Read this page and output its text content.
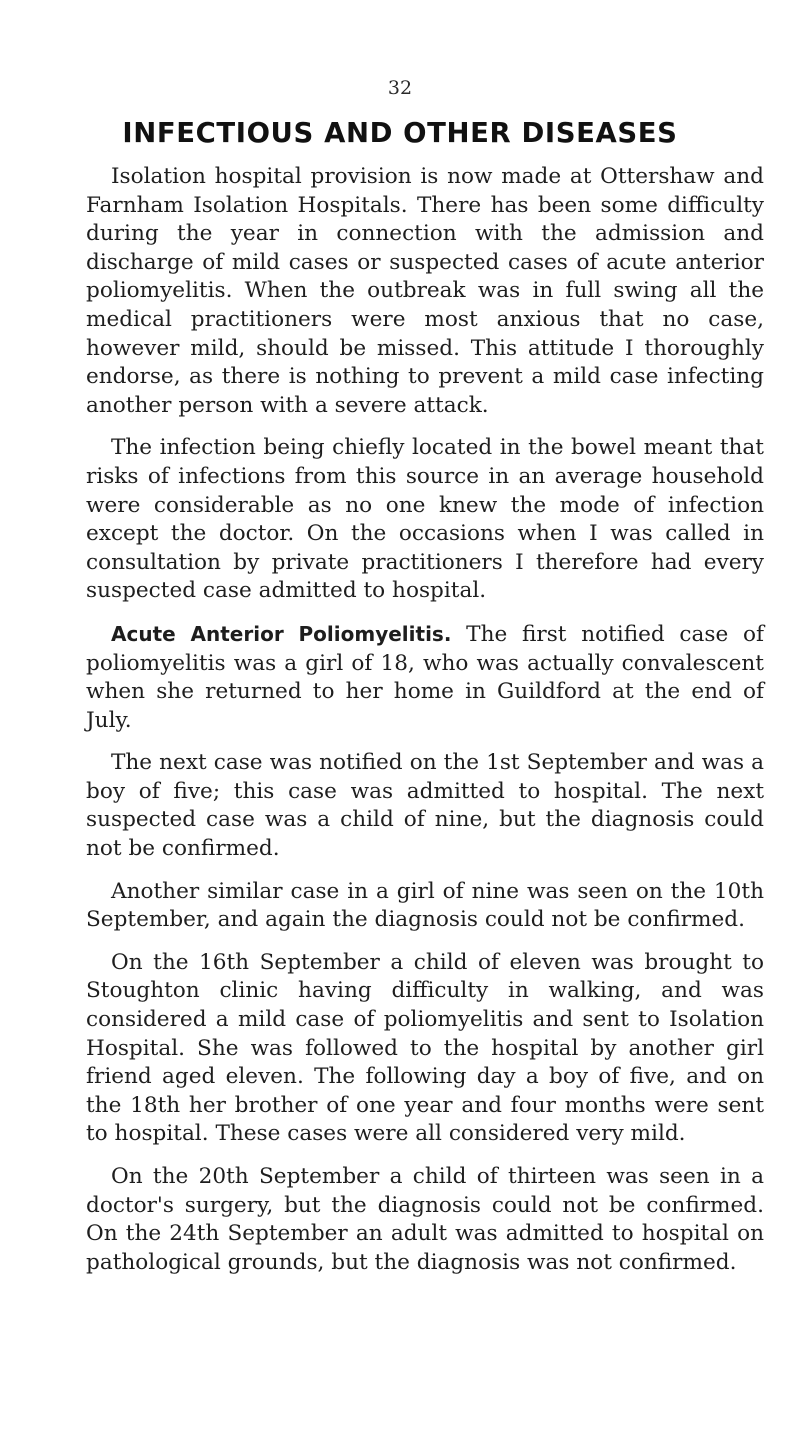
32
INFECTIOUS AND OTHER DISEASES

Isolation hospital provision is now made at Ottershaw and Farnham Isolation Hospitals. There has been some difficulty during the year in connection with the admission and discharge of mild cases or suspected cases of acute anterior poliomyelitis. When the outbreak was in full swing all the medical practitioners were most anxious that no case, however mild, should be missed. This attitude I thoroughly endorse, as there is nothing to prevent a mild case infecting another person with a severe attack.

The infection being chiefly located in the bowel meant that risks of infections from this source in an average household were considerable as no one knew the mode of infection except the doctor. On the occasions when I was called in consultation by private practitioners I therefore had every suspected case admitted to hospital.

Acute Anterior Poliomyelitis. The first notified case of poliomyelitis was a girl of 18, who was actually convalescent when she returned to her home in Guildford at the end of July.

The next case was notified on the 1st September and was a boy of five; this case was admitted to hospital. The next suspected case was a child of nine, but the diagnosis could not be confirmed.

Another similar case in a girl of nine was seen on the 10th September, and again the diagnosis could not be confirmed.

On the 16th September a child of eleven was brought to Stoughton clinic having difficulty in walking, and was considered a mild case of poliomyelitis and sent to Isolation Hospital. She was followed to the hospital by another girl friend aged eleven. The following day a boy of five, and on the 18th her brother of one year and four months were sent to hospital. These cases were all considered very mild.

On the 20th September a child of thirteen was seen in a doctor's surgery, but the diagnosis could not be confirmed. On the 24th September an adult was admitted to hospital on pathological grounds, but the diagnosis was not confirmed.
